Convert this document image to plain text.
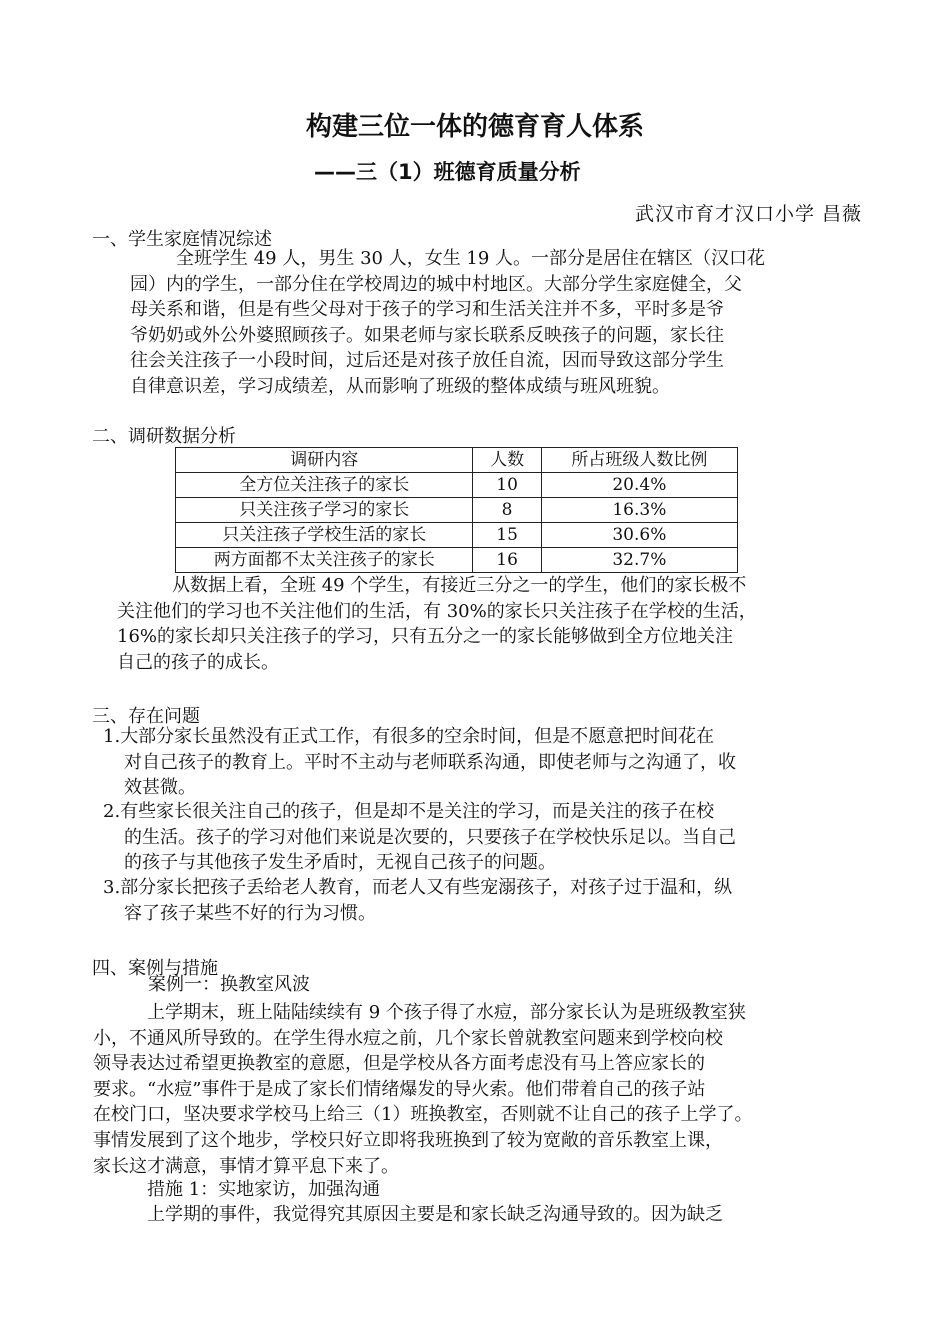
构建三位一体的德育育人体系
——三（1）班德育质量分析
武汉市育才汉口小学 昌薇
一、学生家庭情况综述
全班学生 49 人，男生 30 人，女生 19 人。一部分是居住在辖区（汉口花
园）内的学生，一部分住在学校周边的城中村地区。大部分学生家庭健全，父
母关系和谐，但是有些父母对于孩子的学习和生活关注并不多，平时多是爷
爷奶奶或外公外婆照顾孩子。如果老师与家长联系反映孩子的问题，家长往
往会关注孩子一小段时间，过后还是对孩子放任自流，因而导致这部分学生
自律意识差，学习成绩差，从而影响了班级的整体成绩与班风班貌。
二、调研数据分析
调研内容	人数	所占班级人数比例
全方位关注孩子的家长	10	20.4%
只关注孩子学习的家长	8	16.3%
只关注孩子学校生活的家长	15	30.6%
两方面都不太关注孩子的家长	16	32.7%
从数据上看，全班 49 个学生，有接近三分之一的学生，他们的家长极不
关注他们的学习也不关注他们的生活，有 30%的家长只关注孩子在学校的生活，
16%的家长却只关注孩子的学习，只有五分之一的家长能够做到全方位地关注
自己的孩子的成长。
三、存在问题
1.大部分家长虽然没有正式工作，有很多的空余时间，但是不愿意把时间花在
对自己孩子的教育上。平时不主动与老师联系沟通，即使老师与之沟通了，收
效甚微。
2.有些家长很关注自己的孩子，但是却不是关注的学习，而是关注的孩子在校
的生活。孩子的学习对他们来说是次要的，只要孩子在学校快乐足以。当自己
的孩子与其他孩子发生矛盾时，无视自己孩子的问题。
3.部分家长把孩子丢给老人教育，而老人又有些宠溺孩子，对孩子过于温和，纵
容了孩子某些不好的行为习惯。
四、案例与措施
案例一：换教室风波
上学期末，班上陆陆续续有 9 个孩子得了水痘，部分家长认为是班级教室狭
小，不通风所导致的。在学生得水痘之前，几个家长曾就教室问题来到学校向校
领导表达过希望更换教室的意愿，但是学校从各方面考虑没有马上答应家长的
要求。“水痘”事件于是成了家长们情绪爆发的导火索。他们带着自己的孩子站
在校门口，坚决要求学校马上给三（1）班换教室，否则就不让自己的孩子上学了。
事情发展到了这个地步，学校只好立即将我班换到了较为宽敞的音乐教室上课，
家长这才满意，事情才算平息下来了。
措施 1：实地家访，加强沟通
上学期的事件，我觉得究其原因主要是和家长缺乏沟通导致的。因为缺乏
